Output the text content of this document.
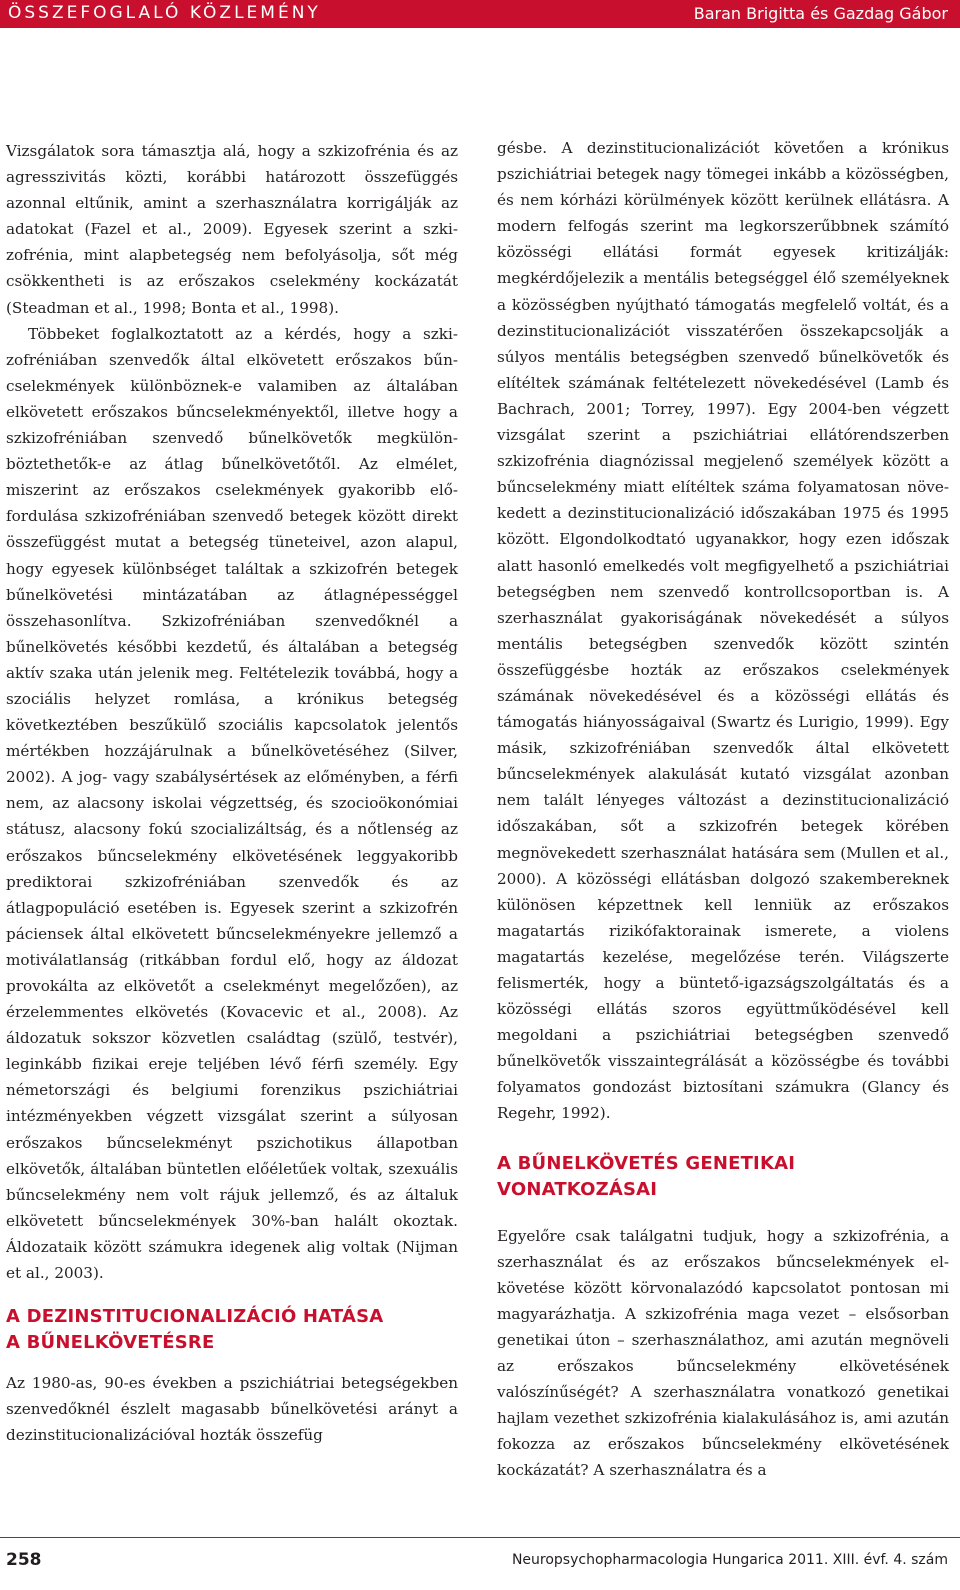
ÖSSZEFOGLALÓ KÖZLEMÉNY	Baran Brigitta és Gazdag Gábor

Vizsgálatok sora támasztja alá, hogy a szkizofrénia és az agresszivitás közti, korábbi határozott összefüggés azonnal eltűnik, amint a szerhasználatra korrigálják az adatokat (Fazel et al., 2009). Egyesek szerint a szkizofrénia, mint alapbetegség nem befolyásolja, sőt még csökkentheti is az erőszakos cselekmény kockázatát (Steadman et al., 1998; Bonta et al., 1998).

Többeket foglalkoztatott az a kérdés, hogy a szkizofréniában szenvedők által elkövetett erőszakos bűncselekmények különböznek-e valamiben az általában elkövetett erőszakos bűncselekményektől, illetve hogy a szkizofréniában szenvedő bűnelkövetők megkülönböztethetők-e az átlag bűnelkövetőtől. Az elmélet, miszerint az erőszakos cselekmények gyakoribb előfordulása szkizofréniában szenvedő betegek között direkt összefüggést mutat a betegség tüneteivel, azon alapul, hogy egyesek különbséget találtak a szkizofrén betegek bűnelkövetési mintázatában az átlagnépességgel összehasonlítva. Szkizofréniában szenvedőknél a bűnelkövetés későbbi kezdetű, és általában a betegség aktív szaka után jelenik meg. Feltételezik továbbá, hogy a szociális helyzet romlása, a krónikus betegség következtében beszűkülő szociális kapcsolatok jelentős mértékben hozzájárulnak a bűnelkövetéséhez (Silver, 2002). A jog- vagy szabálysértések az előményben, a férfi nem, az alacsony iskolai végzettség, és szocioökonómiai státusz, alacsony fokú szocializáltság, és a nőtlenség az erőszakos bűncselekmény elkövetésének leggyakoribb prediktorai szkizofréniában szenvedők és az átlagpopuláció esetében is. Egyesek szerint a szkizofrén páciensek által elkövetett bűncselekményekre jellemző a motiválatlanság (ritkábban fordul elő, hogy az áldozat provokálta az elkövetőt a cselekményt megelőzően), az érzelemmentes elkövetés (Kovacevic et al., 2008). Az áldozatuk sokszor közvetlen családtag (szülő, testvér), leginkább fizikai ereje teljében lévő férfi személy. Egy németországi és belgiumi forenzikus pszichiátriai intézményekben végzett vizsgálat szerint a súlyosan erőszakos bűncselekményt pszichotikus állapotban elkövetők, általában büntetlen előéletűek voltak, szexuális bűncselekmény nem volt rájuk jellemző, és az általuk elkövetett bűncselekmények 30%-ban halált okoztak. Áldozataik között számukra idegenek alig voltak (Nijman et al., 2003).

A DEZINSTITUCIONALIZÁCIÓ HATÁSA
A BŰNELKÖVETÉSRE

Az 1980-as, 90-es években a pszichiátriai betegségekben szenvedőknél észlelt magasabb bűnelkövetési arányt a dezinstitucionalizációval hozták összefüg

gésbe. A dezinstitucionalizációt követően a krónikus pszichiátriai betegek nagy tömegei inkább a közösségben, és nem kórházi körülmények között kerülnek ellátásra. A modern felfogás szerint ma legkorszerűbbnek számító közösségi ellátási formát egyesek kritizálják: megkérdőjelezik a mentális betegséggel élő személyeknek a közösségben nyújtható támogatás megfelelő voltát, és a dezinstitucionalizációt visszatérően összekapcsolják a súlyos mentális betegségben szenvedő bűnelkövetők és elítéltek számának feltételezett növekedésével (Lamb és Bachrach, 2001; Torrey, 1997). Egy 2004-ben végzett vizsgálat szerint a pszichiátriai ellátórendszerben szkizofrénia diagnózissal megjelenő személyek között a bűncselekmény miatt elítéltek száma folyamatosan növekedett a dezinstitucionalizáció időszakában 1975 és 1995 között. Elgondolkodtató ugyanakkor, hogy ezen időszak alatt hasonló emelkedés volt megfigyelhető a pszichiátriai betegségben nem szenvedő kontrollcsoportban is. A szerhasználat gyakoriságának növekedését a súlyos mentális betegségben szenvedők között szintén összefüggésbe hozták az erőszakos cselekmények számának növekedésével és a közösségi ellátás és támogatás hiányosságaival (Swartz és Lurigio, 1999). Egy másik, szkizofréniában szenvedők által elkövetett bűncselekmények alakulását kutató vizsgálat azonban nem talált lényeges változást a dezinstitucionalizáció időszakában, sőt a szkizofrén betegek körében megnövekedett szerhasználat hatására sem (Mullen et al., 2000). A közösségi ellátásban dolgozó szakembereknek különösen képzettnek kell lenniük az erőszakos magatartás rizikófaktorainak ismerete, a violens magatartás kezelése, megelőzése terén. Világszerte felismerték, hogy a büntető-igazságszolgáltatás és a közösségi ellátás szoros együttműködésével kell megoldani a pszichiátriai betegségben szenvedő bűnelkövetők visszaintegrálását a közösségbe és további folyamatos gondozást biztosítani számukra (Glancy és Regehr, 1992).

A BŰNELKÖVETÉS GENETIKAI VONATKOZÁSAI

Egyelőre csak találgatni tudjuk, hogy a szkizofrénia, a szerhasználat és az erőszakos bűncselekmények elkövetése között körvonalazódó kapcsolatot pontosan mi magyarázhatja. A szkizofrénia maga vezet – elsősorban genetikai úton – szerhasználathoz, ami azután megnöveli az erőszakos bűncselekmény elkövetésének valószínűségét? A szerhasználatra vonatkozó genetikai hajlam vezethet szkizofrénia kialakulásához is, ami azután fokozza az erőszakos bűncselekmény elkövetésének kockázatát? A szerhasználatra és a

258	Neuropsychopharmacologia Hungarica 2011. XIII. évf. 4. szám
